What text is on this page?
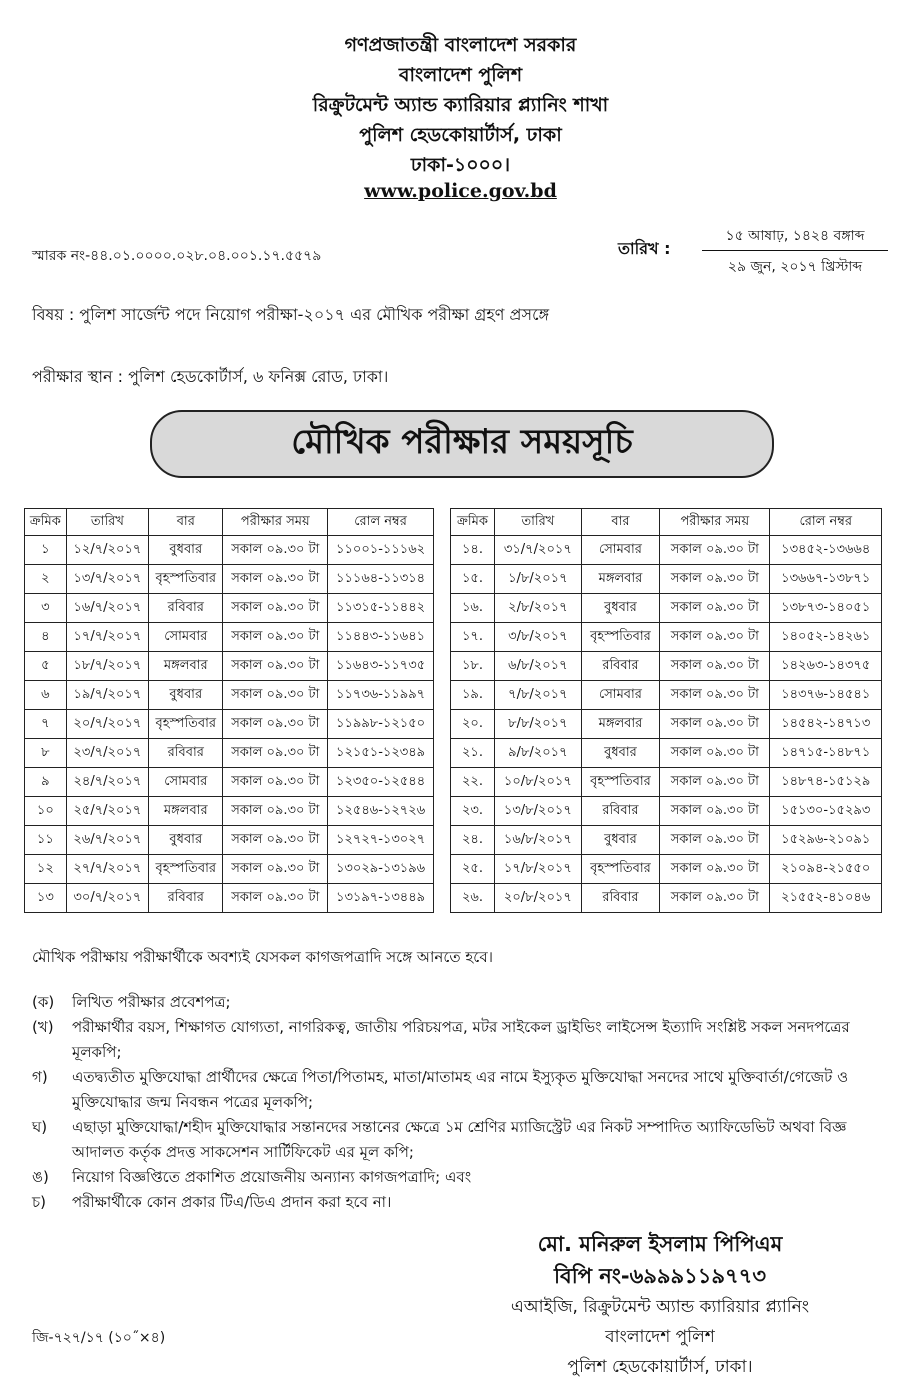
গণপ্রজাতন্ত্রী বাংলাদেশ সরকার
বাংলাদেশ পুলিশ
রিক্রুটমেন্ট অ্যান্ড ক্যারিয়ার প্ল্যানিং শাখা
পুলিশ হেডকোয়ার্টার্স, ঢাকা
ঢাকা-১০০০।
www.police.gov.bd
স্মারক নং-৪৪.০১.০০০০.০২৮.০৪.০০১.১৭.৫৫৭৯	তারিখ :
১৫ আষাঢ়, ১৪২৪ বঙ্গাব্দ
২৯ জুন, ২০১৭ খ্রিস্টাব্দ
বিষয় : পুলিশ সার্জেন্ট পদে নিয়োগ পরীক্ষা-২০১৭ এর মৌখিক পরীক্ষা গ্রহণ প্রসঙ্গে
পরীক্ষার স্থান : পুলিশ হেডকোর্টার্স, ৬ ফনিক্স রোড, ঢাকা।
মৌখিক পরীক্ষার সময়সূচি
ক্রমিক	তারিখ	বার	পরীক্ষার সময়	রোল নম্বর
১	১২/৭/২০১৭	বুধবার	সকাল ০৯.৩০ টা	১১০০১-১১১৬২
২	১৩/৭/২০১৭	বৃহস্পতিবার	সকাল ০৯.৩০ টা	১১১৬৪-১১৩১৪
৩	১৬/৭/২০১৭	রবিবার	সকাল ০৯.৩০ টা	১১৩১৫-১১৪৪২
৪	১৭/৭/২০১৭	সোমবার	সকাল ০৯.৩০ টা	১১৪৪৩-১১৬৪১
৫	১৮/৭/২০১৭	মঙ্গলবার	সকাল ০৯.৩০ টা	১১৬৪৩-১১৭৩৫
৬	১৯/৭/২০১৭	বুধবার	সকাল ০৯.৩০ টা	১১৭৩৬-১১৯৯৭
৭	২০/৭/২০১৭	বৃহস্পতিবার	সকাল ০৯.৩০ টা	১১৯৯৮-১২১৫০
৮	২৩/৭/২০১৭	রবিবার	সকাল ০৯.৩০ টা	১২১৫১-১২৩৪৯
৯	২৪/৭/২০১৭	সোমবার	সকাল ০৯.৩০ টা	১২৩৫০-১২৫৪৪
১০	২৫/৭/২০১৭	মঙ্গলবার	সকাল ০৯.৩০ টা	১২৫৪৬-১২৭২৬
১১	২৬/৭/২০১৭	বুধবার	সকাল ০৯.৩০ টা	১২৭২৭-১৩০২৭
১২	২৭/৭/২০১৭	বৃহস্পতিবার	সকাল ০৯.৩০ টা	১৩০২৯-১৩১৯৬
১৩	৩০/৭/২০১৭	রবিবার	সকাল ০৯.৩০ টা	১৩১৯৭-১৩৪৪৯
ক্রমিক	তারিখ	বার	পরীক্ষার সময়	রোল নম্বর
১৪.	৩১/৭/২০১৭	সোমবার	সকাল ০৯.৩০ টা	১৩৪৫২-১৩৬৬৪
১৫.	১/৮/২০১৭	মঙ্গলবার	সকাল ০৯.৩০ টা	১৩৬৬৭-১৩৮৭১
১৬.	২/৮/২০১৭	বুধবার	সকাল ০৯.৩০ টা	১৩৮৭৩-১৪০৫১
১৭.	৩/৮/২০১৭	বৃহস্পতিবার	সকাল ০৯.৩০ টা	১৪০৫২-১৪২৬১
১৮.	৬/৮/২০১৭	রবিবার	সকাল ০৯.৩০ টা	১৪২৬৩-১৪৩৭৫
১৯.	৭/৮/২০১৭	সোমবার	সকাল ০৯.৩০ টা	১৪৩৭৬-১৪৫৪১
২০.	৮/৮/২০১৭	মঙ্গলবার	সকাল ০৯.৩০ টা	১৪৫৪২-১৪৭১৩
২১.	৯/৮/২০১৭	বুধবার	সকাল ০৯.৩০ টা	১৪৭১৫-১৪৮৭১
২২.	১০/৮/২০১৭	বৃহস্পতিবার	সকাল ০৯.৩০ টা	১৪৮৭৪-১৫১২৯
২৩.	১৩/৮/২০১৭	রবিবার	সকাল ০৯.৩০ টা	১৫১৩০-১৫২৯৩
২৪.	১৬/৮/২০১৭	বুধবার	সকাল ০৯.৩০ টা	১৫২৯৬-২১০৯১
২৫.	১৭/৮/২০১৭	বৃহস্পতিবার	সকাল ০৯.৩০ টা	২১০৯৪-২১৫৫০
২৬.	২০/৮/২০১৭	রবিবার	সকাল ০৯.৩০ টা	২১৫৫২-৪১০৪৬
মৌখিক পরীক্ষায় পরীক্ষার্থীকে অবশ্যই যেসকল কাগজপত্রাদি সঙ্গে আনতে হবে।
(ক)	লিখিত পরীক্ষার প্রবেশপত্র;
(খ)	পরীক্ষার্থীর বয়স, শিক্ষাগত যোগ্যতা, নাগরিকত্ব, জাতীয় পরিচয়পত্র, মটর সাইকেল ড্রাইভিং লাইসেন্স ইত্যাদি সংশ্লিষ্ট সকল সনদপত্রের মূলকপি;
গ)	এতদ্ব্যতীত মুক্তিযোদ্ধা প্রার্থীদের ক্ষেত্রে পিতা/পিতামহ, মাতা/মাতামহ এর নামে ইস্যুকৃত মুক্তিযোদ্ধা সনদের সাথে মুক্তিবার্তা/গেজেট ও মুক্তিযোদ্ধার জন্ম নিবন্ধন পত্রের মূলকপি;
ঘ)	এছাড়া মুক্তিযোদ্ধা/শহীদ মুক্তিযোদ্ধার সন্তানদের সন্তানের ক্ষেত্রে ১ম শ্রেণির ম্যাজিস্ট্রেট এর নিকট সম্পাদিত অ্যাফিডেভিট অথবা বিজ্ঞ আদালত কর্তৃক প্রদত্ত সাকসেশন সার্টিফিকেট এর মূল কপি;
ঙ)	নিয়োগ বিজ্ঞপ্তিতে প্রকাশিত প্রয়োজনীয় অন্যান্য কাগজপত্রাদি; এবং
চ)	পরীক্ষার্থীকে কোন প্রকার টিএ/ডিএ প্রদান করা হবে না।
মো. মনিরুল ইসলাম পিপিএম
বিপি নং-৬৯৯৯১১৯৭৭৩
এআইজি, রিক্রুটমেন্ট অ্যান্ড ক্যারিয়ার প্ল্যানিং
বাংলাদেশ পুলিশ
পুলিশ হেডকোয়ার্টার্স, ঢাকা।
জি-৭২৭/১৭ (১০˝×৪)
